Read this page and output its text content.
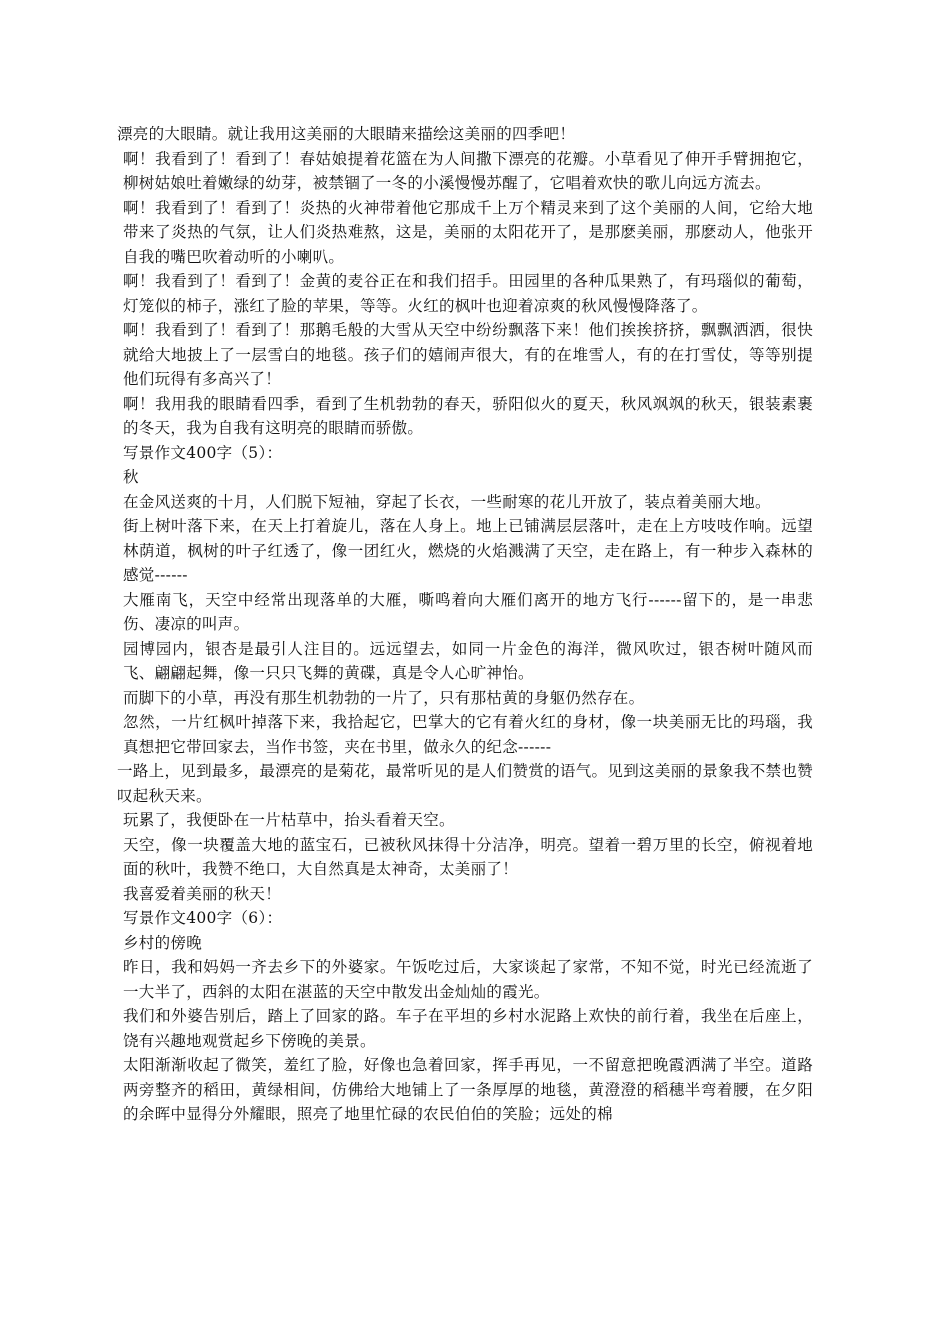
漂亮的大眼睛。就让我用这美丽的大眼睛来描绘这美丽的四季吧！

啊！我看到了！看到了！春姑娘提着花篮在为人间撒下漂亮的花瓣。小草看见了伸开手臂拥抱它，柳树姑娘吐着嫩绿的幼芽，被禁锢了一冬的小溪慢慢苏醒了，它唱着欢快的歌儿向远方流去。

啊！我看到了！看到了！炎热的火神带着他它那成千上万个精灵来到了这个美丽的人间，它给大地带来了炎热的气氛，让人们炎热难熬，这是，美丽的太阳花开了，是那麽美丽，那麽动人，他张开自我的嘴巴吹着动听的小喇叭。

啊！我看到了！看到了！金黄的麦谷正在和我们招手。田园里的各种瓜果熟了，有玛瑙似的葡萄，灯笼似的柿子，涨红了脸的苹果，等等。火红的枫叶也迎着凉爽的秋风慢慢降落了。

啊！我看到了！看到了！那鹅毛般的大雪从天空中纷纷飘落下来！他们挨挨挤挤，飘飘洒洒，很快就给大地披上了一层雪白的地毯。孩子们的嬉闹声很大，有的在堆雪人，有的在打雪仗，等等别提他们玩得有多高兴了！

啊！我用我的眼睛看四季，看到了生机勃勃的春天，骄阳似火的夏天，秋风飒飒的秋天，银装素裹的冬天，我为自我有这明亮的眼睛而骄傲。

写景作文400字（5）：

秋

在金风送爽的十月，人们脱下短袖，穿起了长衣，一些耐寒的花儿开放了，装点着美丽大地。

街上树叶落下来，在天上打着旋儿，落在人身上。地上已铺满层层落叶，走在上方吱吱作响。远望林荫道，枫树的叶子红透了，像一团红火，燃烧的火焰溅满了天空，走在路上，有一种步入森林的感觉------

大雁南飞，天空中经常出现落单的大雁，嘶鸣着向大雁们离开的地方飞行------留下的，是一串悲伤、凄凉的叫声。

园博园内，银杏是最引人注目的。远远望去，如同一片金色的海洋，微风吹过，银杏树叶随风而飞、翩翩起舞，像一只只飞舞的黄碟，真是令人心旷神怡。

而脚下的小草，再没有那生机勃勃的一片了，只有那枯黄的身躯仍然存在。

忽然，一片红枫叶掉落下来，我拾起它，巴掌大的它有着火红的身材，像一块美丽无比的玛瑙，我真想把它带回家去，当作书签，夹在书里，做永久的纪念------

一路上，见到最多，最漂亮的是菊花，最常听见的是人们赞赏的语气。见到这美丽的景象我不禁也赞叹起秋天来。

玩累了，我便卧在一片枯草中，抬头看着天空。

天空，像一块覆盖大地的蓝宝石，已被秋风抹得十分洁净，明亮。望着一碧万里的长空，俯视着地面的秋叶，我赞不绝口，大自然真是太神奇，太美丽了！

我喜爱着美丽的秋天！

写景作文400字（6）：

乡村的傍晚

昨日，我和妈妈一齐去乡下的外婆家。午饭吃过后，大家谈起了家常，不知不觉，时光已经流逝了一大半了，西斜的太阳在湛蓝的天空中散发出金灿灿的霞光。

我们和外婆告别后，踏上了回家的路。车子在平坦的乡村水泥路上欢快的前行着，我坐在后座上，饶有兴趣地观赏起乡下傍晚的美景。

太阳渐渐收起了微笑，羞红了脸，好像也急着回家，挥手再见，一不留意把晚霞洒满了半空。道路两旁整齐的稻田，黄绿相间，仿佛给大地铺上了一条厚厚的地毯，黄澄澄的稻穗半弯着腰，在夕阳的余晖中显得分外耀眼，照亮了地里忙碌的农民伯伯的笑脸；远处的棉
